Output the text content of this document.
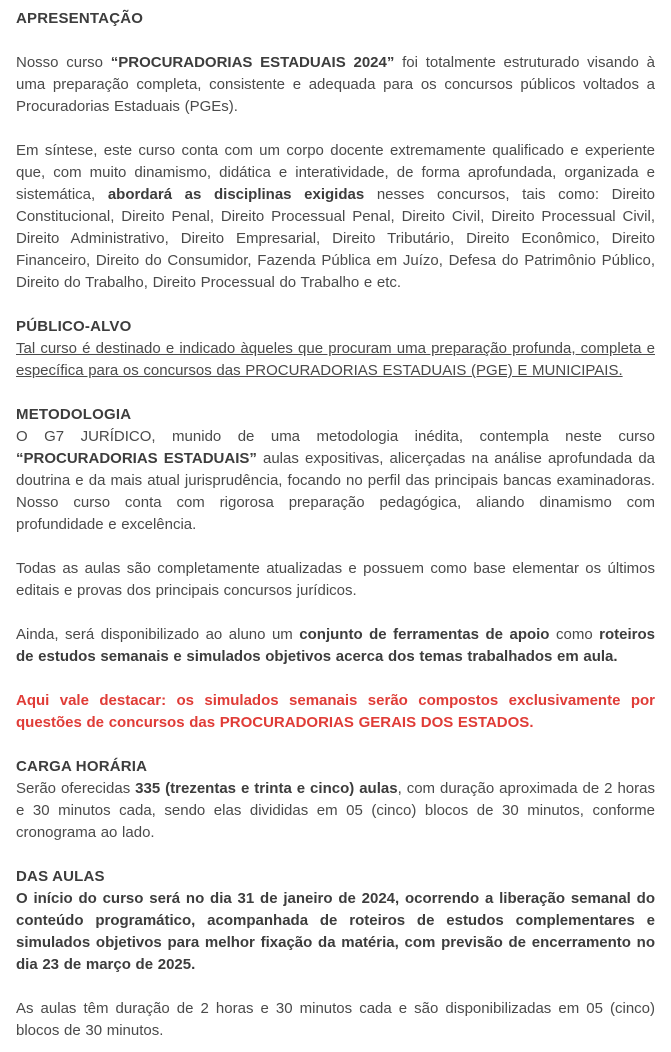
APRESENTAÇÃO

Nosso curso “PROCURADORIAS ESTADUAIS 2024” foi totalmente estruturado visando à uma preparação completa, consistente e adequada para os concursos públicos voltados a Procuradorias Estaduais (PGEs).

Em síntese, este curso conta com um corpo docente extremamente qualificado e experiente que, com muito dinamismo, didática e interatividade, de forma aprofundada, organizada e sistemática, abordará as disciplinas exigidas nesses concursos, tais como: Direito Constitucional, Direito Penal, Direito Processual Penal, Direito Civil, Direito Processual Civil, Direito Administrativo, Direito Empresarial, Direito Tributário, Direito Econômico, Direito Financeiro, Direito do Consumidor, Fazenda Pública em Juízo, Defesa do Patrimônio Público, Direito do Trabalho, Direito Processual do Trabalho e etc.

PÚBLICO-ALVO

Tal curso é destinado e indicado àqueles que procuram uma preparação profunda, completa e específica para os concursos das PROCURADORIAS ESTADUAIS (PGE) E MUNICIPAIS.

METODOLOGIA

O G7 JURÍDICO, munido de uma metodologia inédita, contempla neste curso “PROCURADORIAS ESTADUAIS” aulas expositivas, alicerçadas na análise aprofundada da doutrina e da mais atual jurisprudência, focando no perfil das principais bancas examinadoras. Nosso curso conta com rigorosa preparação pedagógica, aliando dinamismo com profundidade e excelência.

Todas as aulas são completamente atualizadas e possuem como base elementar os últimos editais e provas dos principais concursos jurídicos.

Ainda, será disponibilizado ao aluno um conjunto de ferramentas de apoio como roteiros de estudos semanais e simulados objetivos acerca dos temas trabalhados em aula.

Aqui vale destacar: os simulados semanais serão compostos exclusivamente por questões de concursos das PROCURADORIAS GERAIS DOS ESTADOS.

CARGA HORÁRIA

Serão oferecidas 335 (trezentas e trinta e cinco) aulas, com duração aproximada de 2 horas e 30 minutos cada, sendo elas divididas em 05 (cinco) blocos de 30 minutos, conforme cronograma ao lado.

DAS AULAS

O início do curso será no dia 31 de janeiro de 2024, ocorrendo a liberação semanal do conteúdo programático, acompanhada de roteiros de estudos complementares e simulados objetivos para melhor fixação da matéria, com previsão de encerramento no dia 23 de março de 2025.

As aulas têm duração de 2 horas e 30 minutos cada e são disponibilizadas em 05 (cinco) blocos de 30 minutos.
